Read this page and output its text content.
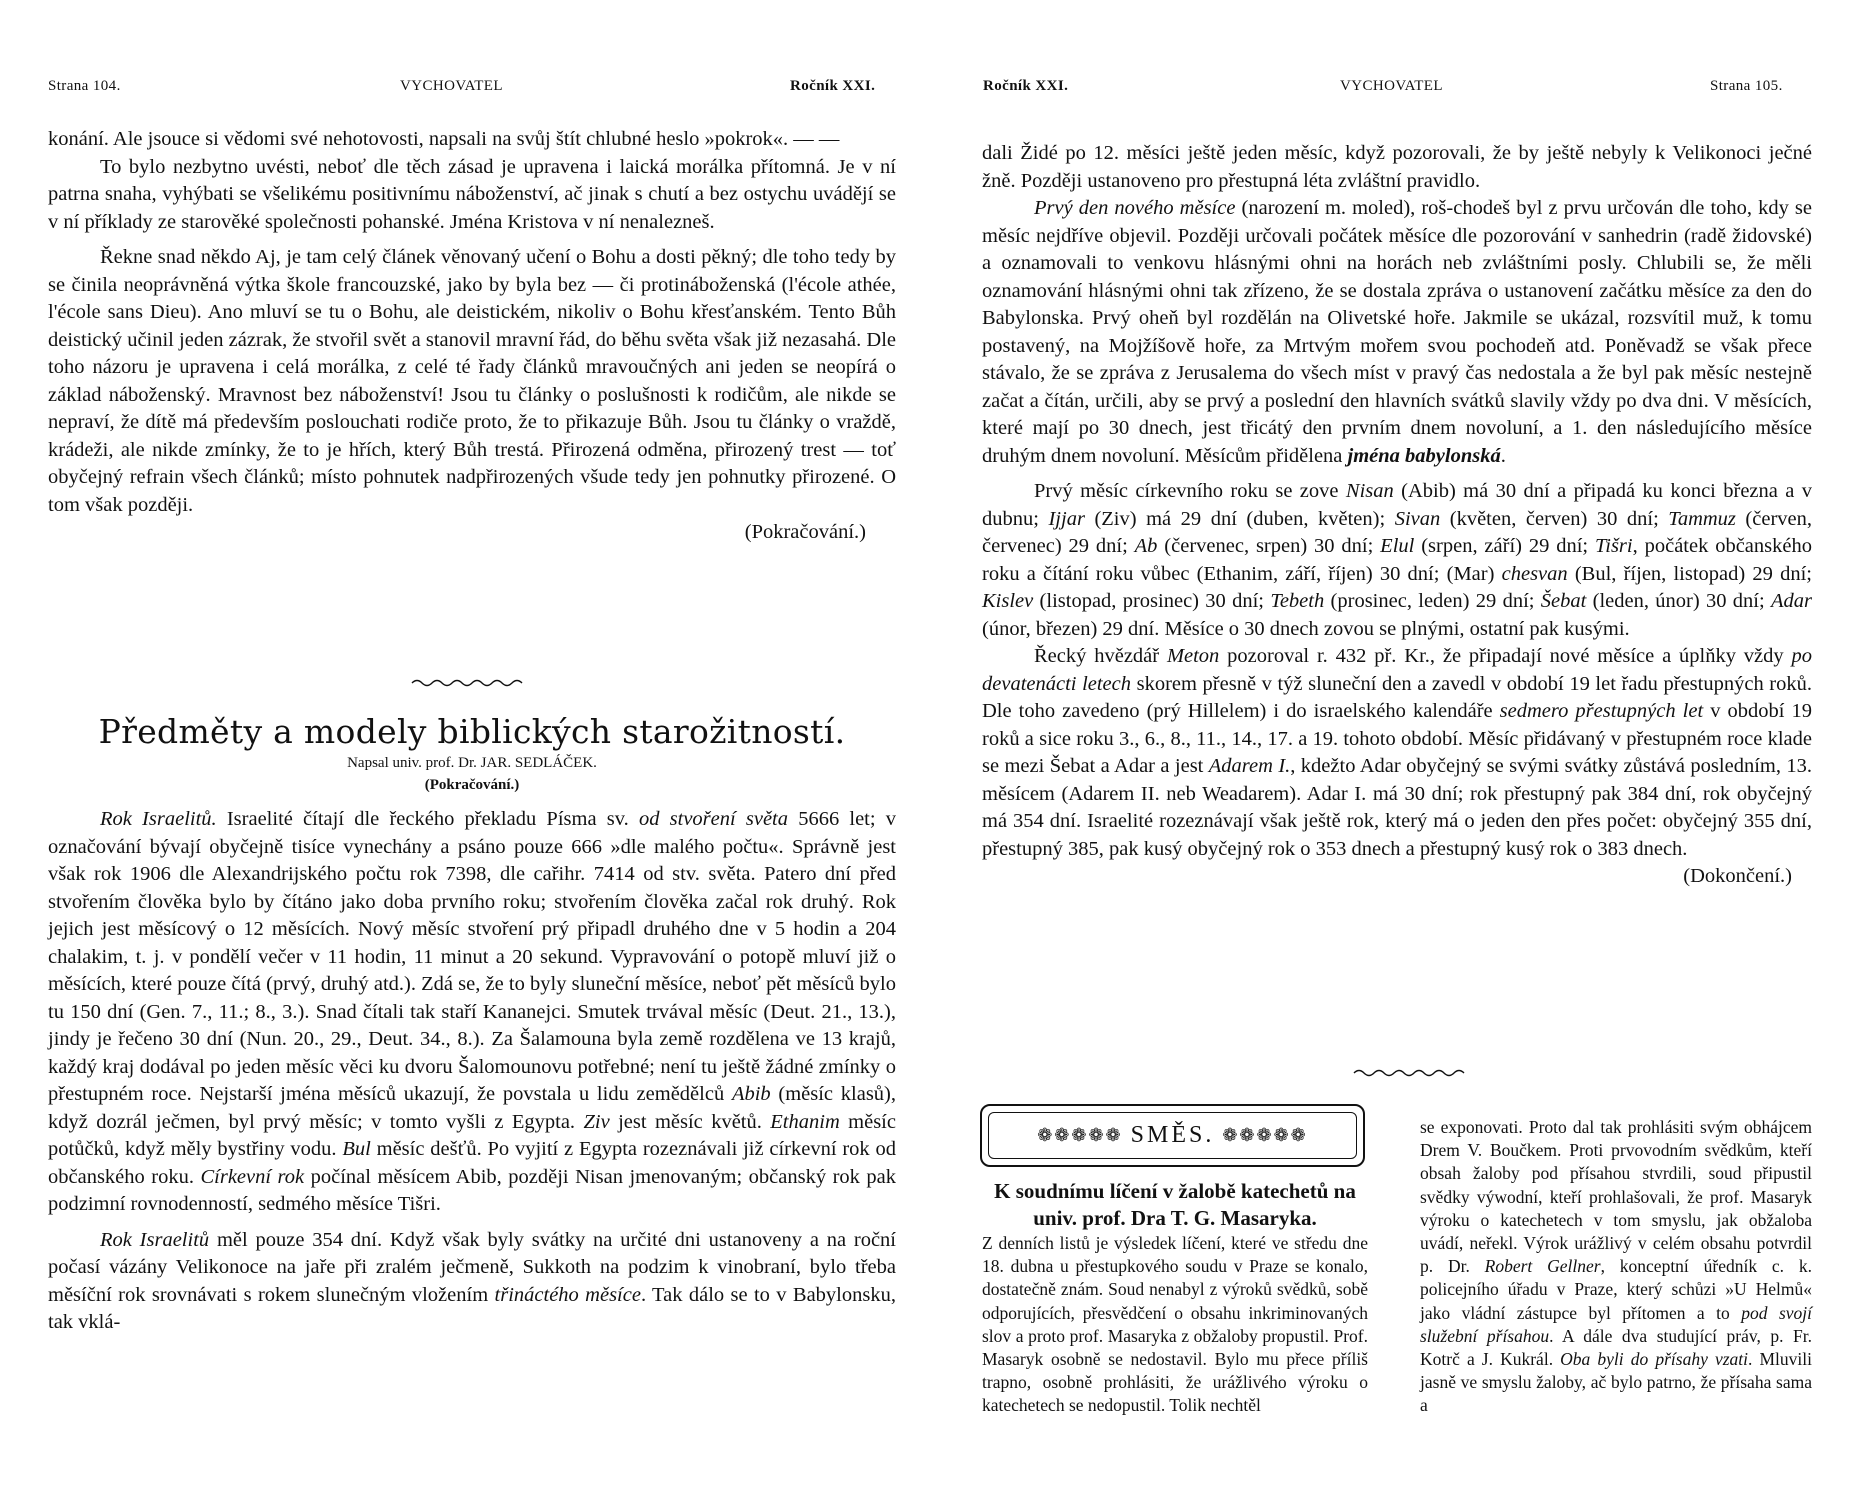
Strana 104.	VYCHOVATEL	Ročník XXI.

konání. Ale jsouce si vědomi své nehotovosti, napsali na svůj štít chlubné heslo »pokrok«. — —

To bylo nezbytno uvésti, neboť dle těch zásad je upravena i laická morálka přítomná. Je v ní patrna snaha, vyhýbati se všelikému positivnímu náboženství, ač jinak s chutí a bez ostychu uvádějí se v ní příklady ze starověké společnosti pohanské. Jména Kristova v ní nenalezneš.

Řekne snad někdo Aj, je tam celý článek věnovaný učení o Bohu a dosti pěkný; dle toho tedy by se činila neoprávněná výtka škole francouzské, jako by byla bez — či protináboženská (l'école athée, l'école sans Dieu). Ano mluví se tu o Bohu, ale deistickém, nikoliv o Bohu křesťanském. Tento Bůh deistický učinil jeden zázrak, že stvořil svět a stanovil mravní řád, do běhu světa však již nezasahá. Dle toho názoru je upravena i celá morálka, z celé té řady článků mravoučných ani jeden se neopírá o základ náboženský. Mravnost bez náboženství! Jsou tu články o poslušnosti k rodičům, ale nikde se nepraví, že dítě má především poslouchati rodiče proto, že to přikazuje Bůh. Jsou tu články o vraždě, krádeži, ale nikde zmínky, že to je hřích, který Bůh trestá. Přirozená odměna, přirozený trest — toť obyčejný refrain všech článků; místo pohnutek nadpřirozených všude tedy jen pohnutky přirozené. O tom však později.

(Pokračování.)

Předměty a modely biblických starožitností.
Napsal univ. prof. Dr. JAR. SEDLÁČEK.
(Pokračování.)

Rok Israelitů. Israelité čítají dle řeckého překladu Písma sv. od stvoření světa 5666 let; v označování bývají obyčejně tisíce vynechány a psáno pouze 666 »dle malého počtu«. Správně jest však rok 1906 dle Alexandrijského počtu rok 7398, dle cařihr. 7414 od stv. světa. Patero dní před stvořením člověka bylo by čítáno jako doba prvního roku; stvořením člověka začal rok druhý. Rok jejich jest měsícový o 12 měsících. Nový měsíc stvoření prý připadl druhého dne v 5 hodin a 204 chalakim, t. j. v pondělí večer v 11 hodin, 11 minut a 20 sekund. Vypravování o potopě mluví již o měsících, které pouze čítá (prvý, druhý atd.). Zdá se, že to byly sluneční měsíce, neboť pět měsíců bylo tu 150 dní (Gen. 7., 11.; 8., 3.). Snad čítali tak staří Kananejci. Smutek trvával měsíc (Deut. 21., 13.), jindy je řečeno 30 dní (Nun. 20., 29., Deut. 34., 8.). Za Šalamouna byla země rozdělena ve 13 krajů, každý kraj dodával po jeden měsíc věci ku dvoru Šalomounovu potřebné; není tu ještě žádné zmínky o přestupném roce. Nejstarší jména měsíců ukazují, že povstala u lidu zemědělců Abib (měsíc klasů), když dozrál ječmen, byl prvý měsíc; v tomto vyšli z Egypta. Ziv jest měsíc květů. Ethanim měsíc potůčků, když měly bystřiny vodu. Bul měsíc dešťů. Po vyjití z Egypta rozeznávali již církevní rok od občanského roku. Církevní rok počínal měsícem Abib, později Nisan jmenovaným; občanský rok pak podzimní rovnodenností, sedmého měsíce Tišri.

Rok Israelitů měl pouze 354 dní. Když však byly svátky na určité dni ustanoveny a na roční počasí vázány Velikonoce na jaře při zralém ječmeně, Sukkoth na podzim k vinobraní, bylo třeba měsíční rok srovnávati s rokem slunečným vložením třináctého měsíce. Tak dálo se to v Babylonsku, tak vklá-

Ročník XXI.	VYCHOVATEL	Strana 105.

dali Židé po 12. měsíci ještě jeden měsíc, když pozorovali, že by ještě nebyly k Velikonoci ječné žně. Později ustanoveno pro přestupná léta zvláštní pravidlo.

Prvý den nového měsíce (narození m. moled), roš-chodeš byl z prvu určován dle toho, kdy se měsíc nejdříve objevil. Později určovali počátek měsíce dle pozorování v sanhedrin (radě židovské) a oznamovali to venkovu hlásnými ohni na horách neb zvláštními posly. Chlubili se, že měli oznamování hlásnými ohni tak zřízeno, že se dostala zpráva o ustanovení začátku měsíce za den do Babylonska. Prvý oheň byl rozdělán na Olivetské hoře. Jakmile se ukázal, rozsvítil muž, k tomu postavený, na Mojžíšově hoře, za Mrtvým mořem svou pochodeň atd. Poněvadž se však přece stávalo, že se zpráva z Jerusalema do všech míst v pravý čas nedostala a že byl pak měsíc nestejně začat a čítán, určili, aby se prvý a poslední den hlavních svátků slavily vždy po dva dni. V měsících, které mají po 30 dnech, jest třicátý den prvním dnem novoluní, a 1. den následujícího měsíce druhým dnem novoluní. Měsícům přidělena jména babylonská.

Prvý měsíc církevního roku se zove Nisan (Abib) má 30 dní a připadá ku konci března a v dubnu; Ijjar (Ziv) má 29 dní (duben, květen); Sivan (květen, červen) 30 dní; Tammuz (červen, červenec) 29 dní; Ab (červenec, srpen) 30 dní; Elul (srpen, září) 29 dní; Tišri, počátek občanského roku a čítání roku vůbec (Ethanim, září, říjen) 30 dní; (Mar) chesvan (Bul, říjen, listopad) 29 dní; Kislev (listopad, prosinec) 30 dní; Tebeth (prosinec, leden) 29 dní; Šebat (leden, únor) 30 dní; Adar (únor, březen) 29 dní. Měsíce o 30 dnech zovou se plnými, ostatní pak kusými.

Řecký hvězdář Meton pozoroval r. 432 př. Kr., že připadají nové měsíce a úplňky vždy po devatenácti letech skorem přesně v týž sluneční den a zavedl v období 19 let řadu přestupných roků. Dle toho zavedeno (prý Hillelem) i do israelského kalendáře sedmero přestupných let v období 19 roků a sice roku 3., 6., 8., 11., 14., 17. a 19. tohoto období. Měsíc přidávaný v přestupném roce klade se mezi Šebat a Adar a jest Adarem I., kdežto Adar obyčejný se svými svátky zůstává posledním, 13. měsícem (Adarem II. neb Weadarem). Adar I. má 30 dní; rok přestupný pak 384 dní, rok obyčejný má 354 dní. Israelité rozeznávají však ještě rok, který má o jeden den přes počet: obyčejný 355 dní, přestupný 385, pak kusý obyčejný rok o 353 dnech a přestupný kusý rok o 383 dnech.

(Dokončení.)

❁❁❁❁❁ SMĚS. ❁❁❁❁❁
K soudnímu líčení v žalobě katechetů na univ. prof. Dra T. G. Masaryka.

Z denních listů je výsledek líčení, které ve středu dne 18. dubna u přestupkového soudu v Praze se konalo, dostatečně znám. Soud nenabyl z výroků svědků, sobě odporujících, přesvědčení o obsahu inkriminovaných slov a proto prof. Masaryka z obžaloby propustil. Prof. Masaryk osobně se nedostavil. Bylo mu přece příliš trapno, osobně prohlásiti, že urážlivého výroku o katechetech se nedopustil. Tolik nechtěl

se exponovati. Proto dal tak prohlásiti svým obhájcem Drem V. Boučkem. Proti prvovodním svědkům, kteří obsah žaloby pod přísahou stvrdili, soud připustil svědky výwodní, kteří prohlašovali, že prof. Masaryk výroku o katechetech v tom smyslu, jak obžaloba uvádí, neřekl. Výrok urážlivý v celém obsahu potvrdil p. Dr. Robert Gellner, konceptní úředník c. k. policejního úřadu v Praze, který schůzi »U Helmů« jako vládní zástupce byl přítomen a to pod svojí služební přísahou. A dále dva studující práv, p. Fr. Kotrč a J. Kukrál. Oba byli do přísahy vzati. Mluvili jasně ve smyslu žaloby, ač bylo patrno, že přísaha sama a
